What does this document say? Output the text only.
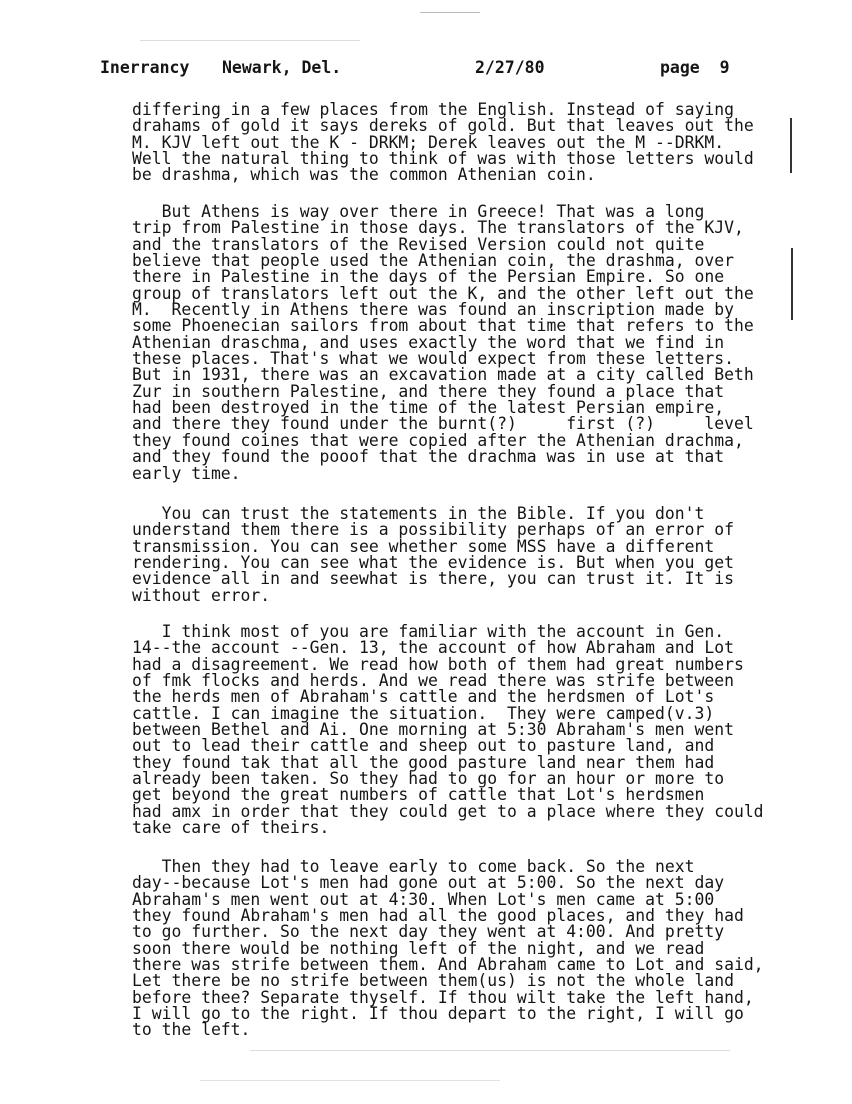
Inerrancy Newark, Del.	2/27/80	page  9
differing in a few places from the English. Instead of saying
drahams of gold it says dereks of gold. But that leaves out the
M. KJV left out the K - DRKM; Derek leaves out the M --DRKM.
Well the natural thing to think of was with those letters would
be drashma, which was the common Athenian coin.
But Athens is way over there in Greece! That was a long
trip from Palestine in those days. The translators of the KJV,
and the translators of the Revised Version could not quite
believe that people used the Athenian coin, the drashma, over
there in Palestine in the days of the Persian Empire. So one
group of translators left out the K, and the other left out the
M.  Recently in Athens there was found an inscription made by
some Phoenecian sailors from about that time that refers to the
Athenian draschma, and uses exactly the word that we find in
these places. That's what we would expect from these letters.
But in 1931, there was an excavation made at a city called Beth
Zur in southern Palestine, and there they found a place that
had been destroyed in the time of the latest Persian empire,
and there they found under the burnt(?)     first (?)     level
they found coines that were copied after the Athenian drachma,
and they found the pooof that the drachma was in use at that
early time.
You can trust the statements in the Bible. If you don't
understand them there is a possibility perhaps of an error of
transmission. You can see whether some MSS have a different
rendering. You can see what the evidence is. But when you get
evidence all in and seewhat is there, you can trust it. It is
without error.
I think most of you are familiar with the account in Gen.
14--the account --Gen. 13, the account of how Abraham and Lot
had a disagreement. We read how both of them had great numbers
of fmk flocks and herds. And we read there was strife between
the herds men of Abraham's cattle and the herdsmen of Lot's
cattle. I can imagine the situation.  They were camped(v.3)
between Bethel and Ai. One morning at 5:30 Abraham's men went
out to lead their cattle and sheep out to pasture land, and
they found tak that all the good pasture land near them had
already been taken. So they had to go for an hour or more to
get beyond the great numbers of cattle that Lot's herdsmen
had amx in order that they could get to a place where they could
take care of theirs.
Then they had to leave early to come back. So the next
day--because Lot's men had gone out at 5:00. So the next day
Abraham's men went out at 4:30. When Lot's men came at 5:00
they found Abraham's men had all the good places, and they had
to go further. So the next day they went at 4:00. And pretty
soon there would be nothing left of the night, and we read
there was strife between them. And Abraham came to Lot and said,
Let there be no strife between them(us) is not the whole land
before thee? Separate thyself. If thou wilt take the left hand,
I will go to the right. If thou depart to the right, I will go
to the left.
